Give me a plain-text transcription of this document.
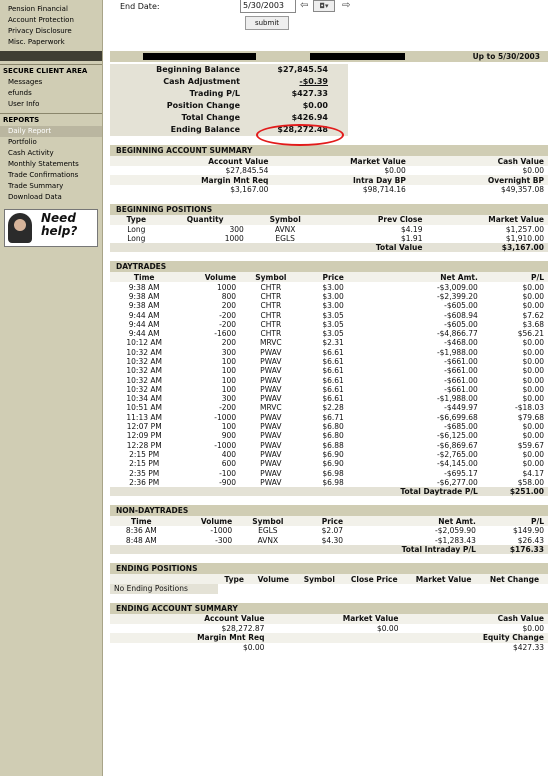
Pension Financial
Account Protection
Privacy Disclosure
Misc. Paperwork
SECURE CLIENT AREA
Messages
efunds
User Info
REPORTS
Daily Report
Portfolio
Cash Activity
Monthly Statements
Trade Confirmations
Trade Summary
Download Data
Need
help?
End Date:	5/30/2003	⇦	◘▾	⇨
submit
Up to 5/30/2003
Beginning Balance	$27,845.54
Cash Adjustment	-$0.39
Trading P/L	$427.33
Position Change	$0.00
Total Change	$426.94
Ending Balance	$28,272.48
BEGINNING ACCOUNT SUMMARY
Account Value	Market Value	Cash Value
$27,845.54	$0.00	$0.00
Margin Mnt Req	Intra Day BP	Overnight BP
$3,167.00	$98,714.16	$49,357.08
BEGINNING POSITIONS
Type	Quantity	Symbol	Prev Close	Market Value
Long	300	AVNX	$4.19	$1,257.00
Long	1000	EGLS	$1.91	$1,910.00
			Total Value	$3,167.00
DAYTRADES
Time	Volume	Symbol	Price	Net Amt.	P/L
9:38 AM	1000	CHTR	$3.00	-$3,009.00	$0.00
9:38 AM	800	CHTR	$3.00	-$2,399.20	$0.00
9:38 AM	200	CHTR	$3.00	-$605.00	$0.00
9:44 AM	-200	CHTR	$3.05	-$608.94	$7.62
9:44 AM	-200	CHTR	$3.05	-$605.00	$3.68
9:44 AM	-1600	CHTR	$3.05	-$4,866.77	$56.21
10:12 AM	200	MRVC	$2.31	-$468.00	$0.00
10:32 AM	300	PWAV	$6.61	-$1,988.00	$0.00
10:32 AM	100	PWAV	$6.61	-$661.00	$0.00
10:32 AM	100	PWAV	$6.61	-$661.00	$0.00
10:32 AM	100	PWAV	$6.61	-$661.00	$0.00
10:32 AM	100	PWAV	$6.61	-$661.00	$0.00
10:34 AM	300	PWAV	$6.61	-$1,988.00	$0.00
10:51 AM	-200	MRVC	$2.28	-$449.97	-$18.03
11:13 AM	-1000	PWAV	$6.71	-$6,699.68	$79.68
12:07 PM	100	PWAV	$6.80	-$685.00	$0.00
12:09 PM	900	PWAV	$6.80	-$6,125.00	$0.00
12:28 PM	-1000	PWAV	$6.88	-$6,869.67	$59.67
2:15 PM	400	PWAV	$6.90	-$2,765.00	$0.00
2:15 PM	600	PWAV	$6.90	-$4,145.00	$0.00
2:35 PM	-100	PWAV	$6.98	-$695.17	$4.17
2:36 PM	-900	PWAV	$6.98	-$6,277.00	$58.00
				Total Daytrade P/L	$251.00
NON-DAYTRADES
Time	Volume	Symbol	Price	Net Amt.	P/L
8:36 AM	-1000	EGLS	$2.07	-$2,059.90	$149.90
8:48 AM	-300	AVNX	$4.30	-$1,283.43	$26.43
				Total Intraday P/L	$176.33
ENDING POSITIONS
	Type	Volume	Symbol	Close Price	Market Value	Net Change
No Ending Positions						
ENDING ACCOUNT SUMMARY
Account Value	Market Value	Cash Value
$28,272.87	$0.00	$0.00
Margin Mnt Req		Equity Change
$0.00		$427.33
